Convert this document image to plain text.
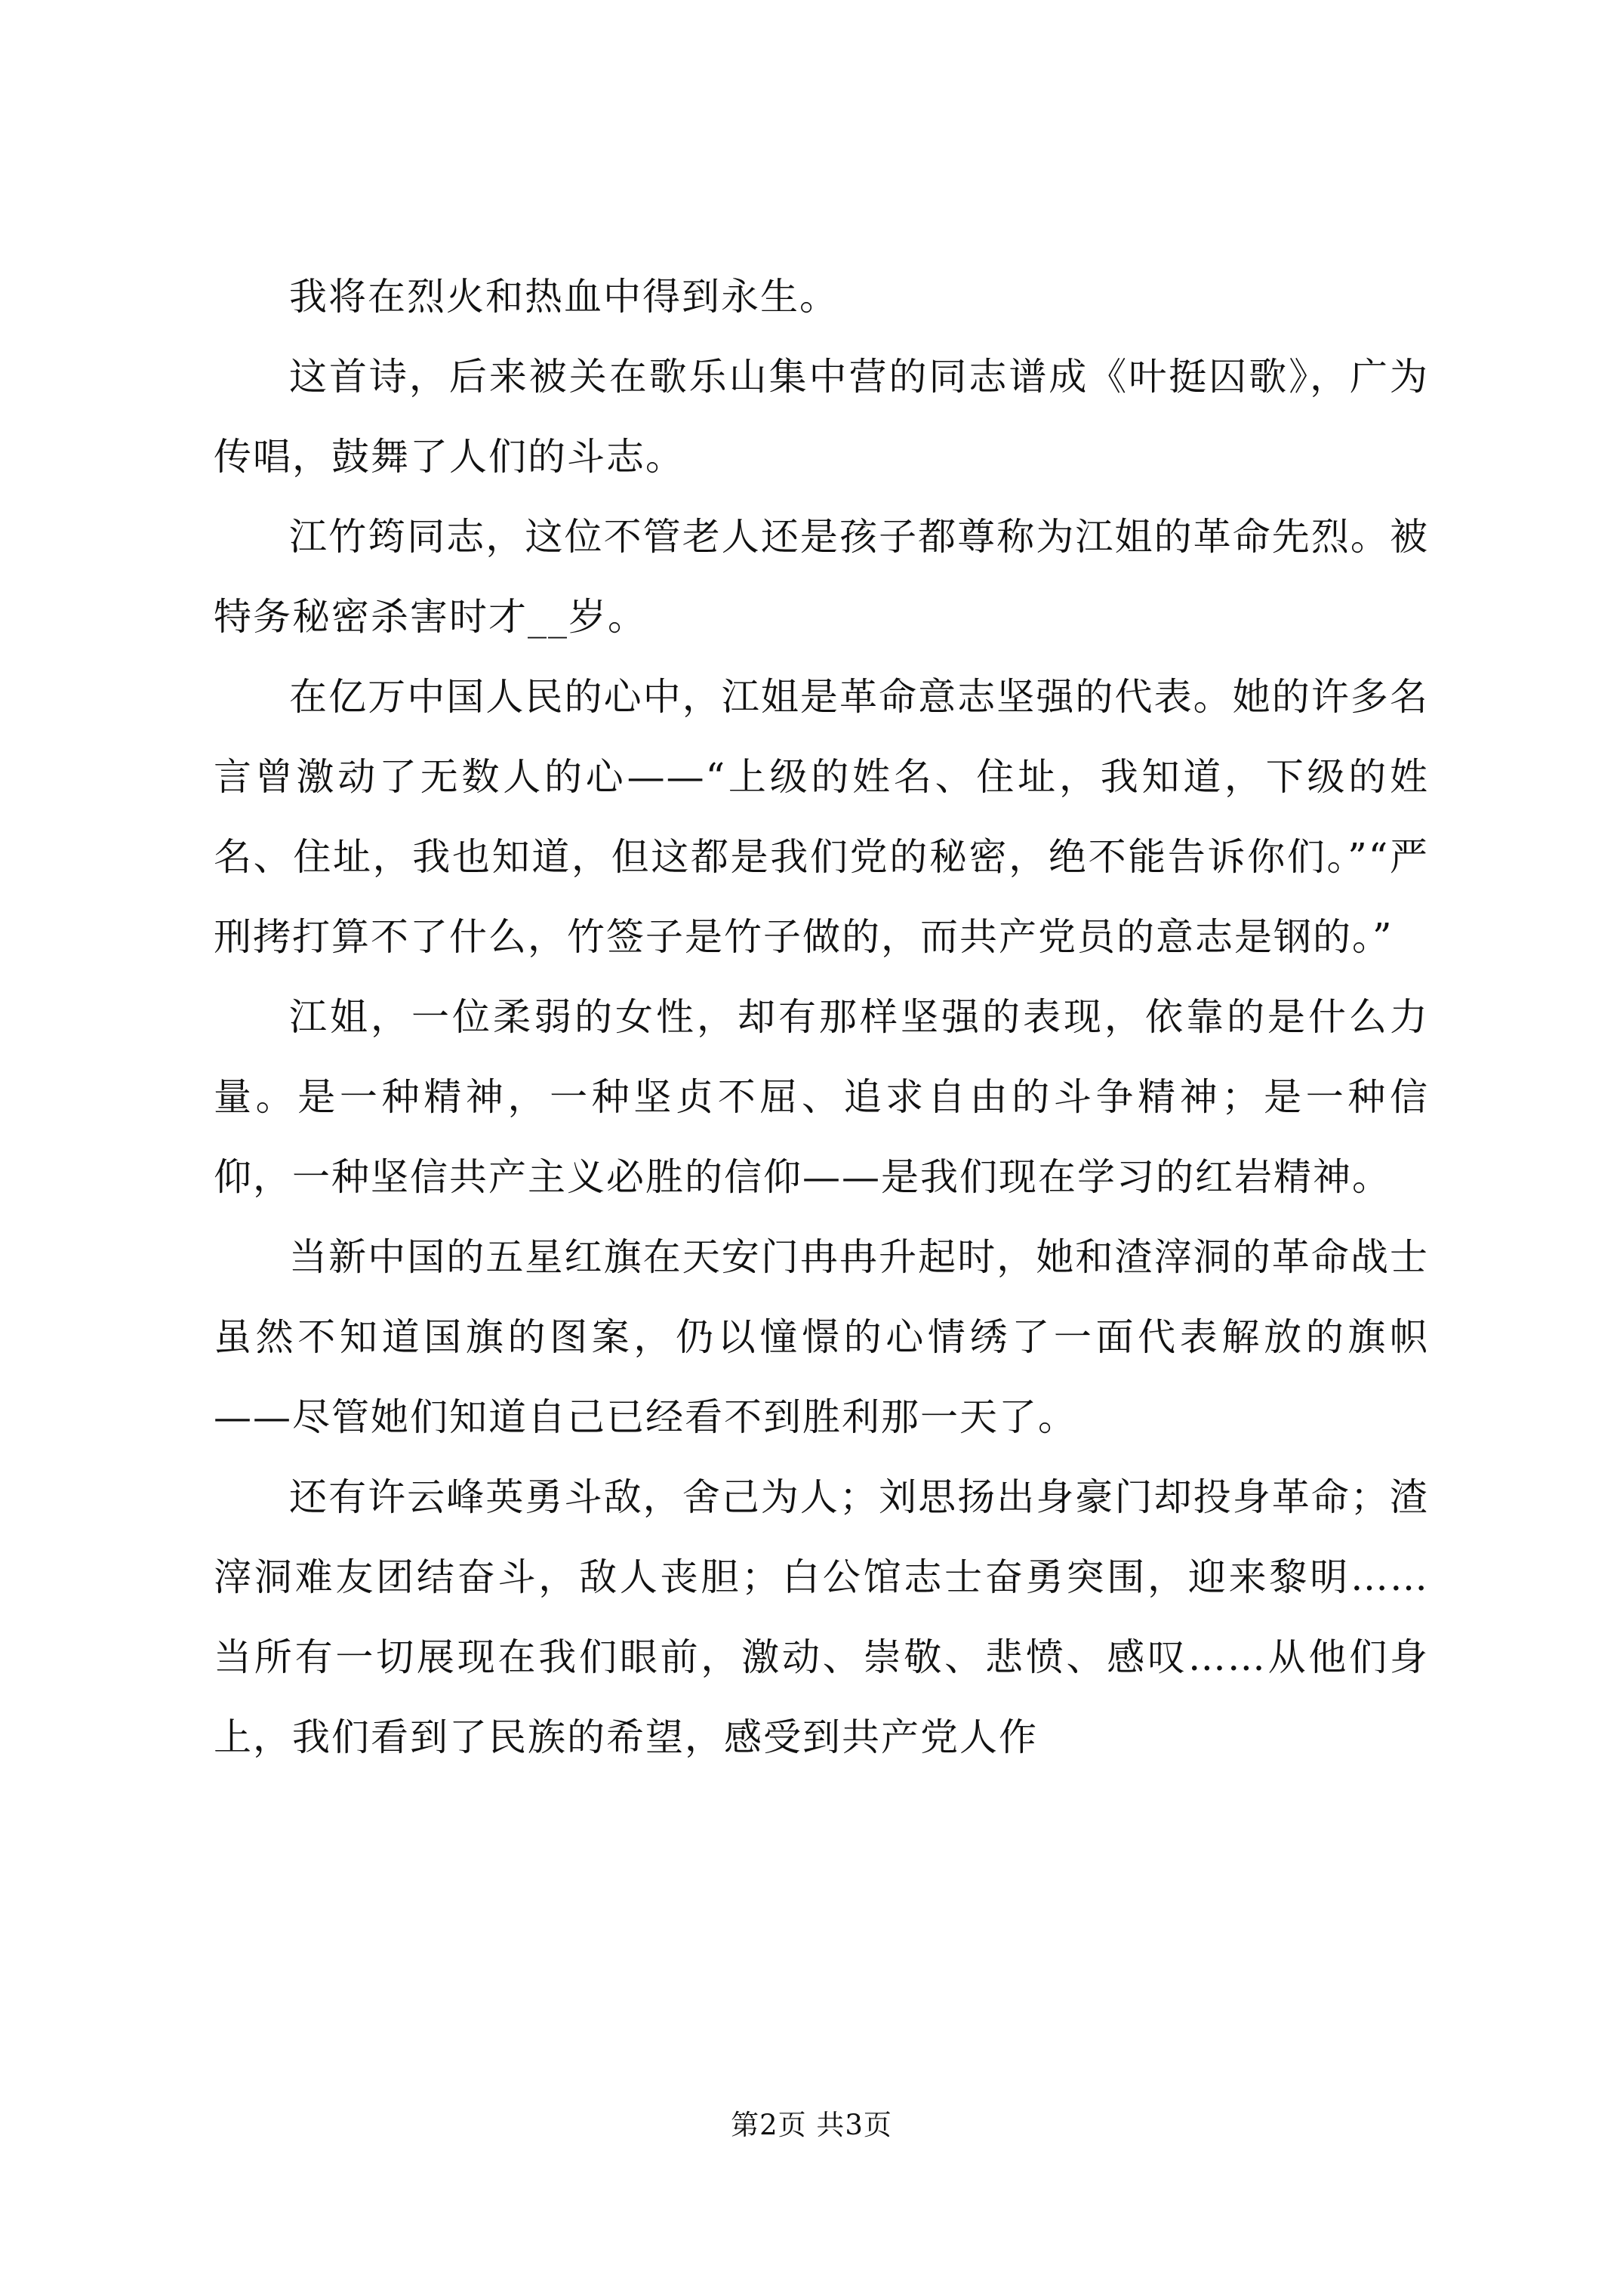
我将在烈火和热血中得到永生。

这首诗，后来被关在歌乐山集中营的同志谱成《叶挺囚歌》，广为传唱，鼓舞了人们的斗志。

江竹筠同志，这位不管老人还是孩子都尊称为江姐的革命先烈。被特务秘密杀害时才__岁。

在亿万中国人民的心中，江姐是革命意志坚强的代表。她的许多名言曾激动了无数人的心——“上级的姓名、住址，我知道，下级的姓名、住址，我也知道，但这都是我们党的秘密，绝不能告诉你们。”“严刑拷打算不了什么，竹签子是竹子做的，而共产党员的意志是钢的。”

江姐，一位柔弱的女性，却有那样坚强的表现，依靠的是什么力量。是一种精神，一种坚贞不屈、追求自由的斗争精神；是一种信仰，一种坚信共产主义必胜的信仰——是我们现在学习的红岩精神。

当新中国的五星红旗在天安门冉冉升起时，她和渣滓洞的革命战士虽然不知道国旗的图案，仍以憧憬的心情绣了一面代表解放的旗帜——尽管她们知道自己已经看不到胜利那一天了。

还有许云峰英勇斗敌，舍己为人；刘思扬出身豪门却投身革命；渣滓洞难友团结奋斗，敌人丧胆；白公馆志士奋勇突围，迎来黎明……当所有一切展现在我们眼前，激动、崇敬、悲愤、感叹……从他们身上，我们看到了民族的希望，感受到共产党人作

第2页 共3页
